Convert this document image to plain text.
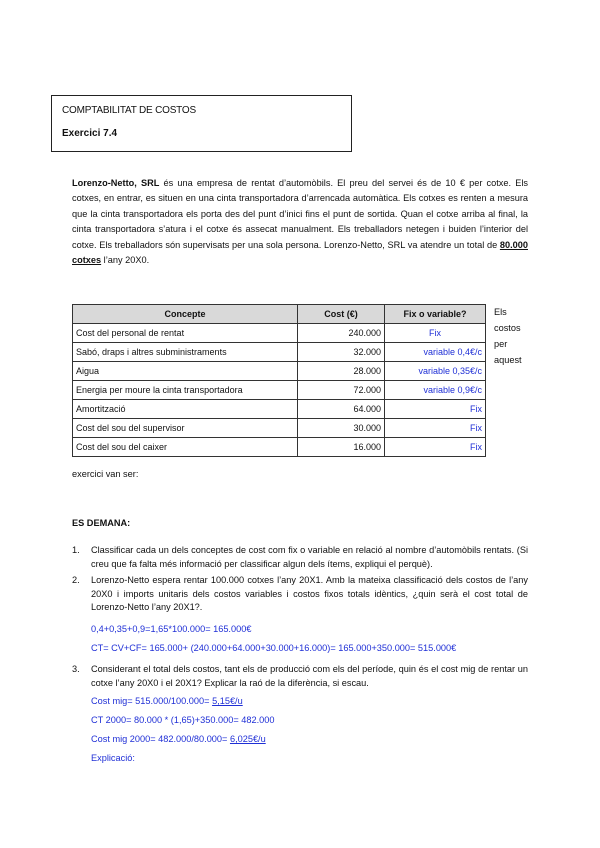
COMPTABILITAT DE COSTOS
Exercici 7.4
Lorenzo-Netto, SRL és una empresa de rentat d’automòbils. El preu del servei és de 10 € per cotxe. Els cotxes, en entrar, es situen en una cinta transportadora d’arrencada automàtica. Els cotxes es renten a mesura que la cinta transportadora els porta des del punt d’inici fins el punt de sortida. Quan el cotxe arriba al final, la cinta transportadora s’atura i el cotxe és assecat manualment. Els treballadors netegen i buiden l’interior del cotxe. Els treballadors són supervisats per una sola persona. Lorenzo-Netto, SRL va atendre un total de 80.000 cotxes l’any 20X0.
Concepte	Cost (€)	Fix o variable?
Cost del personal de rentat	240.000	Fix
Sabó, draps i altres subministraments	32.000	variable 0,4€/c
Aigua	28.000	variable 0,35€/c
Energia per moure la cinta transportadora	72.000	variable 0,9€/c
Amortització	64.000	Fix
Cost del sou del supervisor	30.000	Fix
Cost del sou del caixer	16.000	Fix
Els
costos
per
aquest
exercici van ser:
ES DEMANA:
1. Classificar cada un dels conceptes de cost com fix o variable en relació al nombre d’automòbils rentats. (Si creu que fa falta més informació per classificar algun dels ítems, expliqui el perquè).
2. Lorenzo-Netto espera rentar 100.000 cotxes l’any 20X1. Amb la mateixa classificació dels costos de l’any 20X0 i imports unitaris dels costos variables i costos fixos totals idèntics, ¿quin serà el cost total de Lorenzo-Netto l’any 20X1?.
0,4+0,35+0,9=1,65*100.000= 165.000€
CT= CV+CF= 165.000+ (240.000+64.000+30.000+16.000)= 165.000+350.000= 515.000€
3. Considerant el total dels costos, tant els de producció com els del període, quin és el cost mig de rentar un cotxe l’any 20X0 i el 20X1? Explicar la raó de la diferència, si escau.
Cost mig= 515.000/100.000= 5,15€/u
CT 2000= 80.000 * (1,65)+350.000= 482.000
Cost mig 2000= 482.000/80.000= 6,025€/u
Explicació:
